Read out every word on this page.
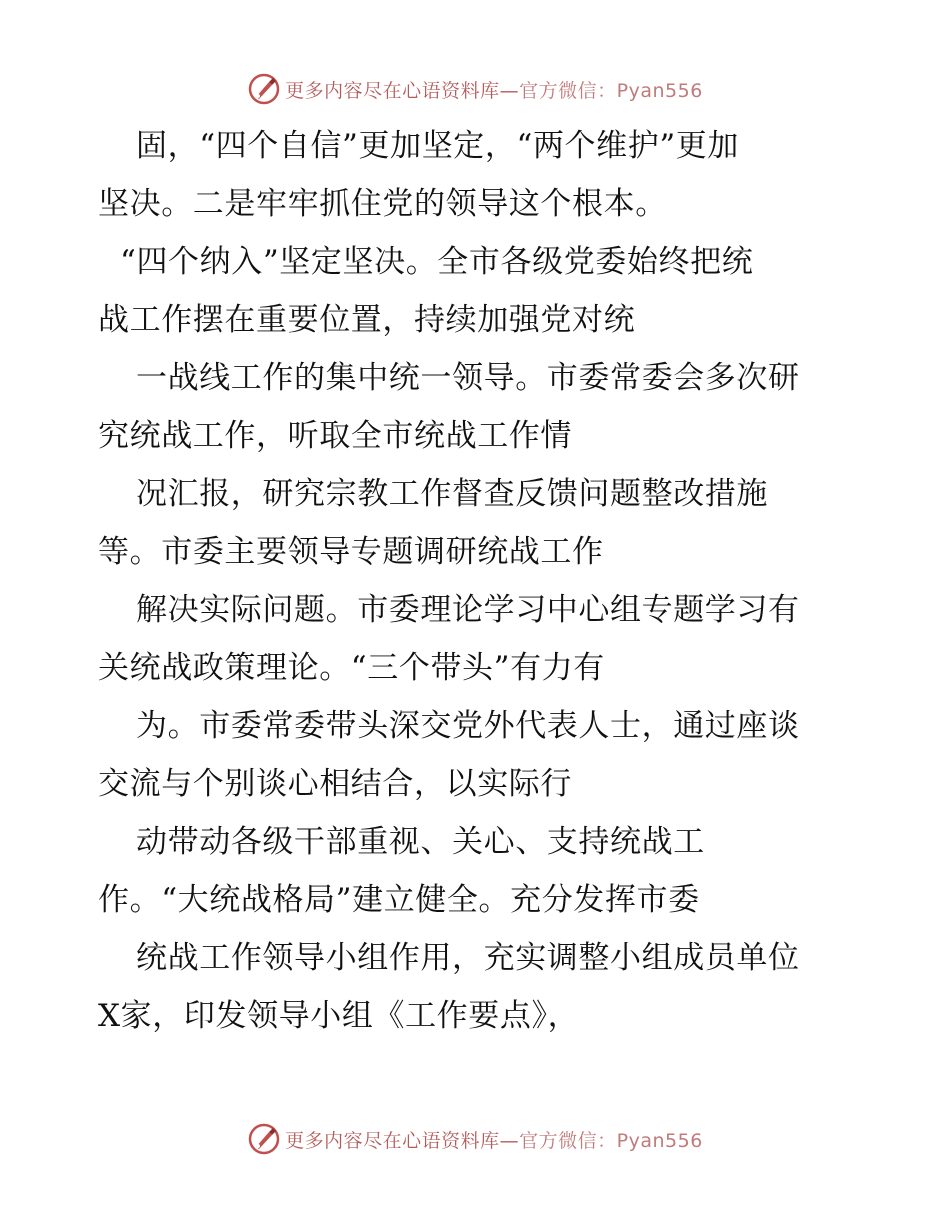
更多内容尽在心语资料库—官方微信：Pyan556
固，“四个自信”更加坚定，“两个维护”更加
坚决。二是牢牢抓住党的领导这个根本。
“四个纳入”坚定坚决。全市各级党委始终把统
战工作摆在重要位置，持续加强党对统
一战线工作的集中统一领导。市委常委会多次研
究统战工作，听取全市统战工作情
况汇报，研究宗教工作督查反馈问题整改措施
等。市委主要领导专题调研统战工作
解决实际问题。市委理论学习中心组专题学习有
关统战政策理论。“三个带头”有力有
为。市委常委带头深交党外代表人士，通过座谈
交流与个别谈心相结合，以实际行
动带动各级干部重视、关心、支持统战工
作。“大统战格局”建立健全。充分发挥市委
统战工作领导小组作用，充实调整小组成员单位
X家，印发领导小组《工作要点》，
更多内容尽在心语资料库—官方微信：Pyan556
